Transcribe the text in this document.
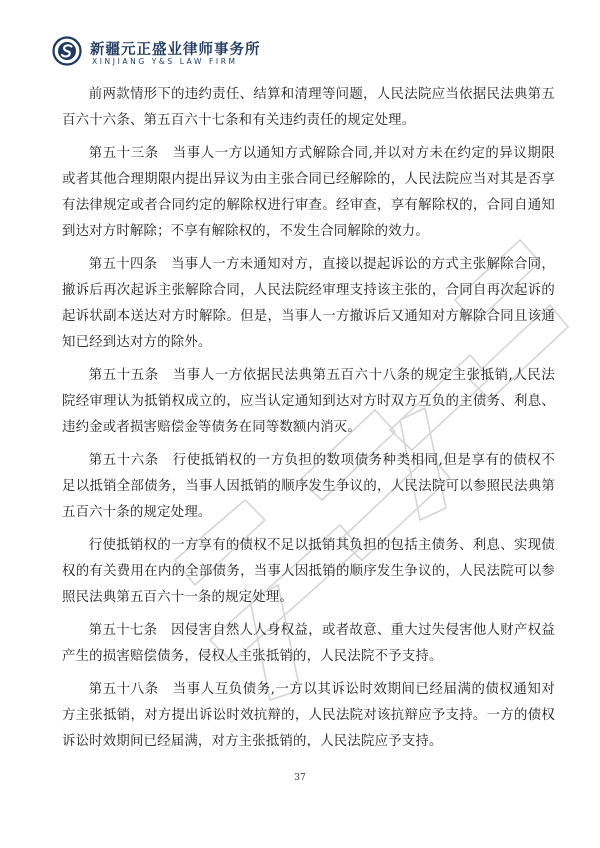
新疆元正盛业律师事务所
XINJIANG Y&S LAW FIRM

前两款情形下的违约责任、结算和清理等问题，人民法院应当依据民法典第五百六十六条、第五百六十七条和有关违约责任的规定处理。

第五十三条　当事人一方以通知方式解除合同,并以对方未在约定的异议期限或者其他合理期限内提出异议为由主张合同已经解除的，人民法院应当对其是否享有法律规定或者合同约定的解除权进行审查。经审查，享有解除权的，合同自通知到达对方时解除；不享有解除权的，不发生合同解除的效力。

第五十四条　当事人一方未通知对方，直接以提起诉讼的方式主张解除合同，撤诉后再次起诉主张解除合同，人民法院经审理支持该主张的，合同自再次起诉的起诉状副本送达对方时解除。但是，当事人一方撤诉后又通知对方解除合同且该通知已经到达对方的除外。

第五十五条　当事人一方依据民法典第五百六十八条的规定主张抵销,人民法院经审理认为抵销权成立的，应当认定通知到达对方时双方互负的主债务、利息、违约金或者损害赔偿金等债务在同等数额内消灭。

第五十六条　行使抵销权的一方负担的数项债务种类相同,但是享有的债权不足以抵销全部债务，当事人因抵销的顺序发生争议的，人民法院可以参照民法典第五百六十条的规定处理。

行使抵销权的一方享有的债权不足以抵销其负担的包括主债务、利息、实现债权的有关费用在内的全部债务，当事人因抵销的顺序发生争议的，人民法院可以参照民法典第五百六十一条的规定处理。

第五十七条　因侵害自然人人身权益，或者故意、重大过失侵害他人财产权益产生的损害赔偿债务，侵权人主张抵销的，人民法院不予支持。

第五十八条　当事人互负债务,一方以其诉讼时效期间已经届满的债权通知对方主张抵销，对方提出诉讼时效抗辩的，人民法院对该抗辩应予支持。一方的债权诉讼时效期间已经届满，对方主张抵销的，人民法院应予支持。

37
